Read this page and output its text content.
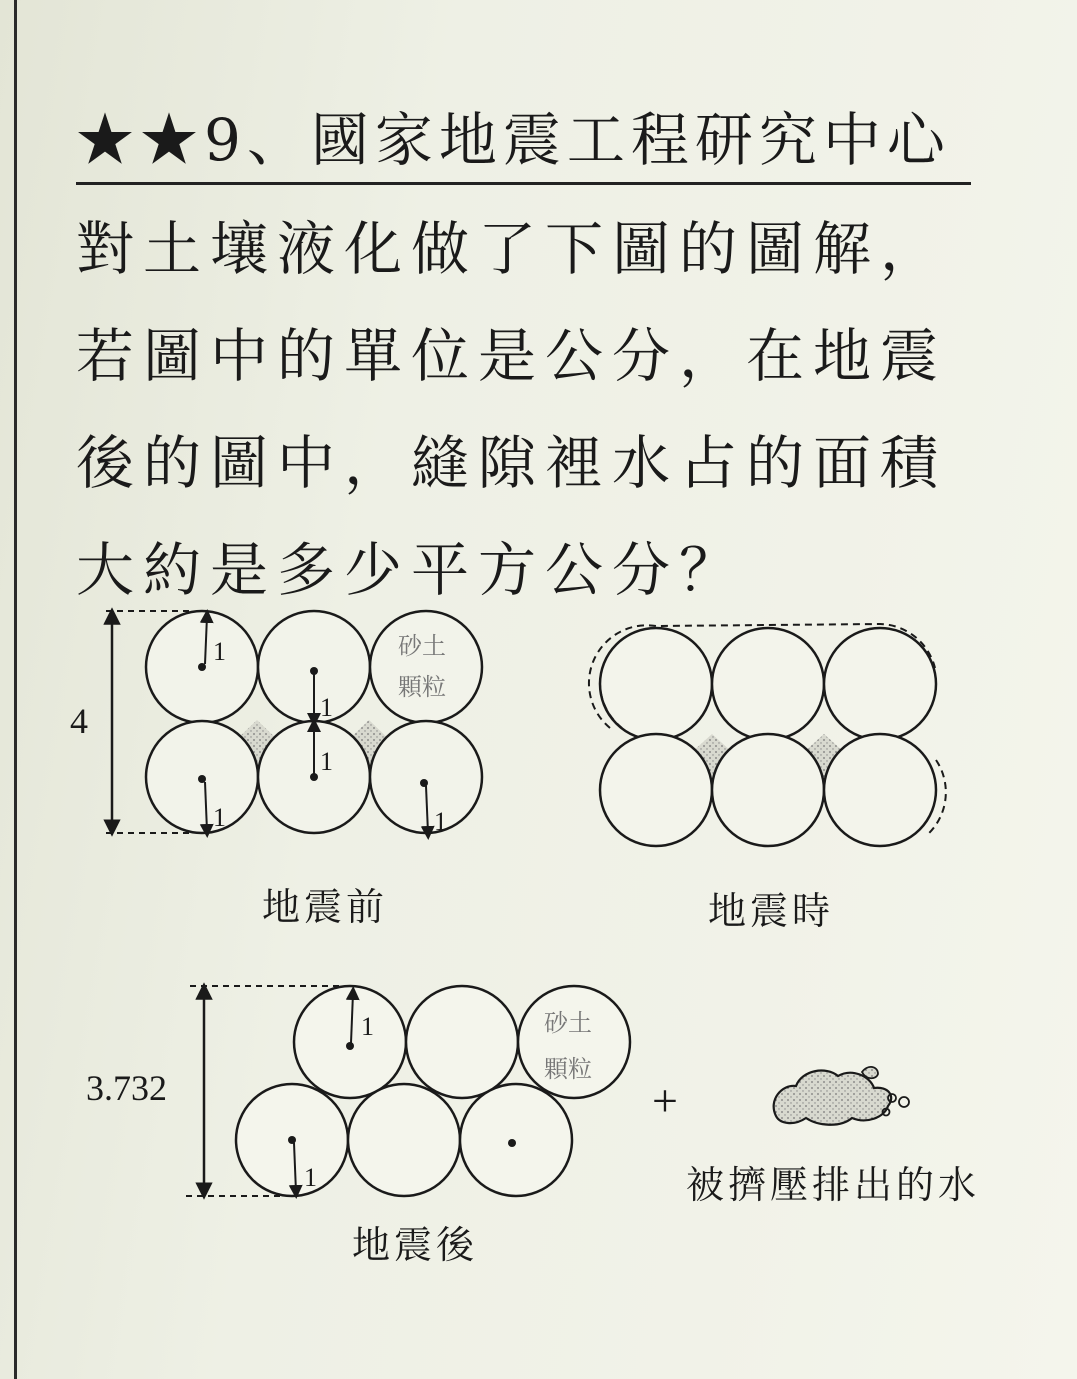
★★9、國家地震工程研究中心
對土壤液化做了下圖的圖解，
若圖中的單位是公分，在地震
後的圖中，縫隙裡水占的面積
大約是多少平方公分？
4
1
1
1
1	1
砂土
顆粒
3.732
1
1
砂土
顆粒
+
地震前	地震時
地震後
被擠壓排出的水
